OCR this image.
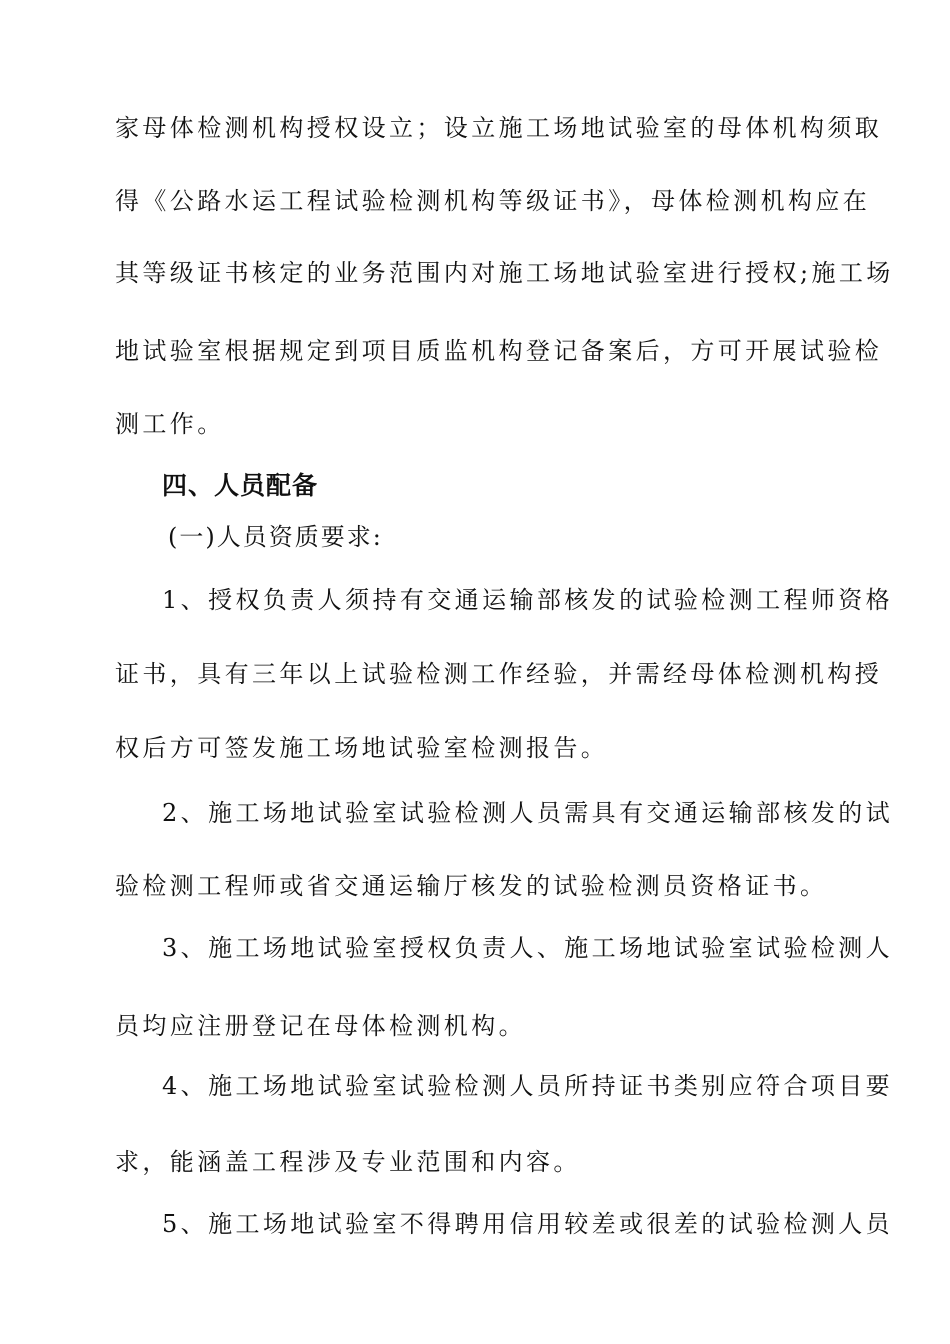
家母体检测机构授权设立；设立施工场地试验室的母体机构须取
得《公路水运工程试验检测机构等级证书》，母体检测机构应在
其等级证书核定的业务范围内对施工场地试验室进行授权;施工场
地试验室根据规定到项目质监机构登记备案后，方可开展试验检
测工作。
四、人员配备
(一)人员资质要求:
1、授权负责人须持有交通运输部核发的试验检测工程师资格
证书，具有三年以上试验检测工作经验，并需经母体检测机构授
权后方可签发施工场地试验室检测报告。
2、施工场地试验室试验检测人员需具有交通运输部核发的试
验检测工程师或省交通运输厅核发的试验检测员资格证书。
3、施工场地试验室授权负责人、施工场地试验室试验检测人
员均应注册登记在母体检测机构。
4、施工场地试验室试验检测人员所持证书类别应符合项目要
求，能涵盖工程涉及专业范围和内容。
5、施工场地试验室不得聘用信用较差或很差的试验检测人员
